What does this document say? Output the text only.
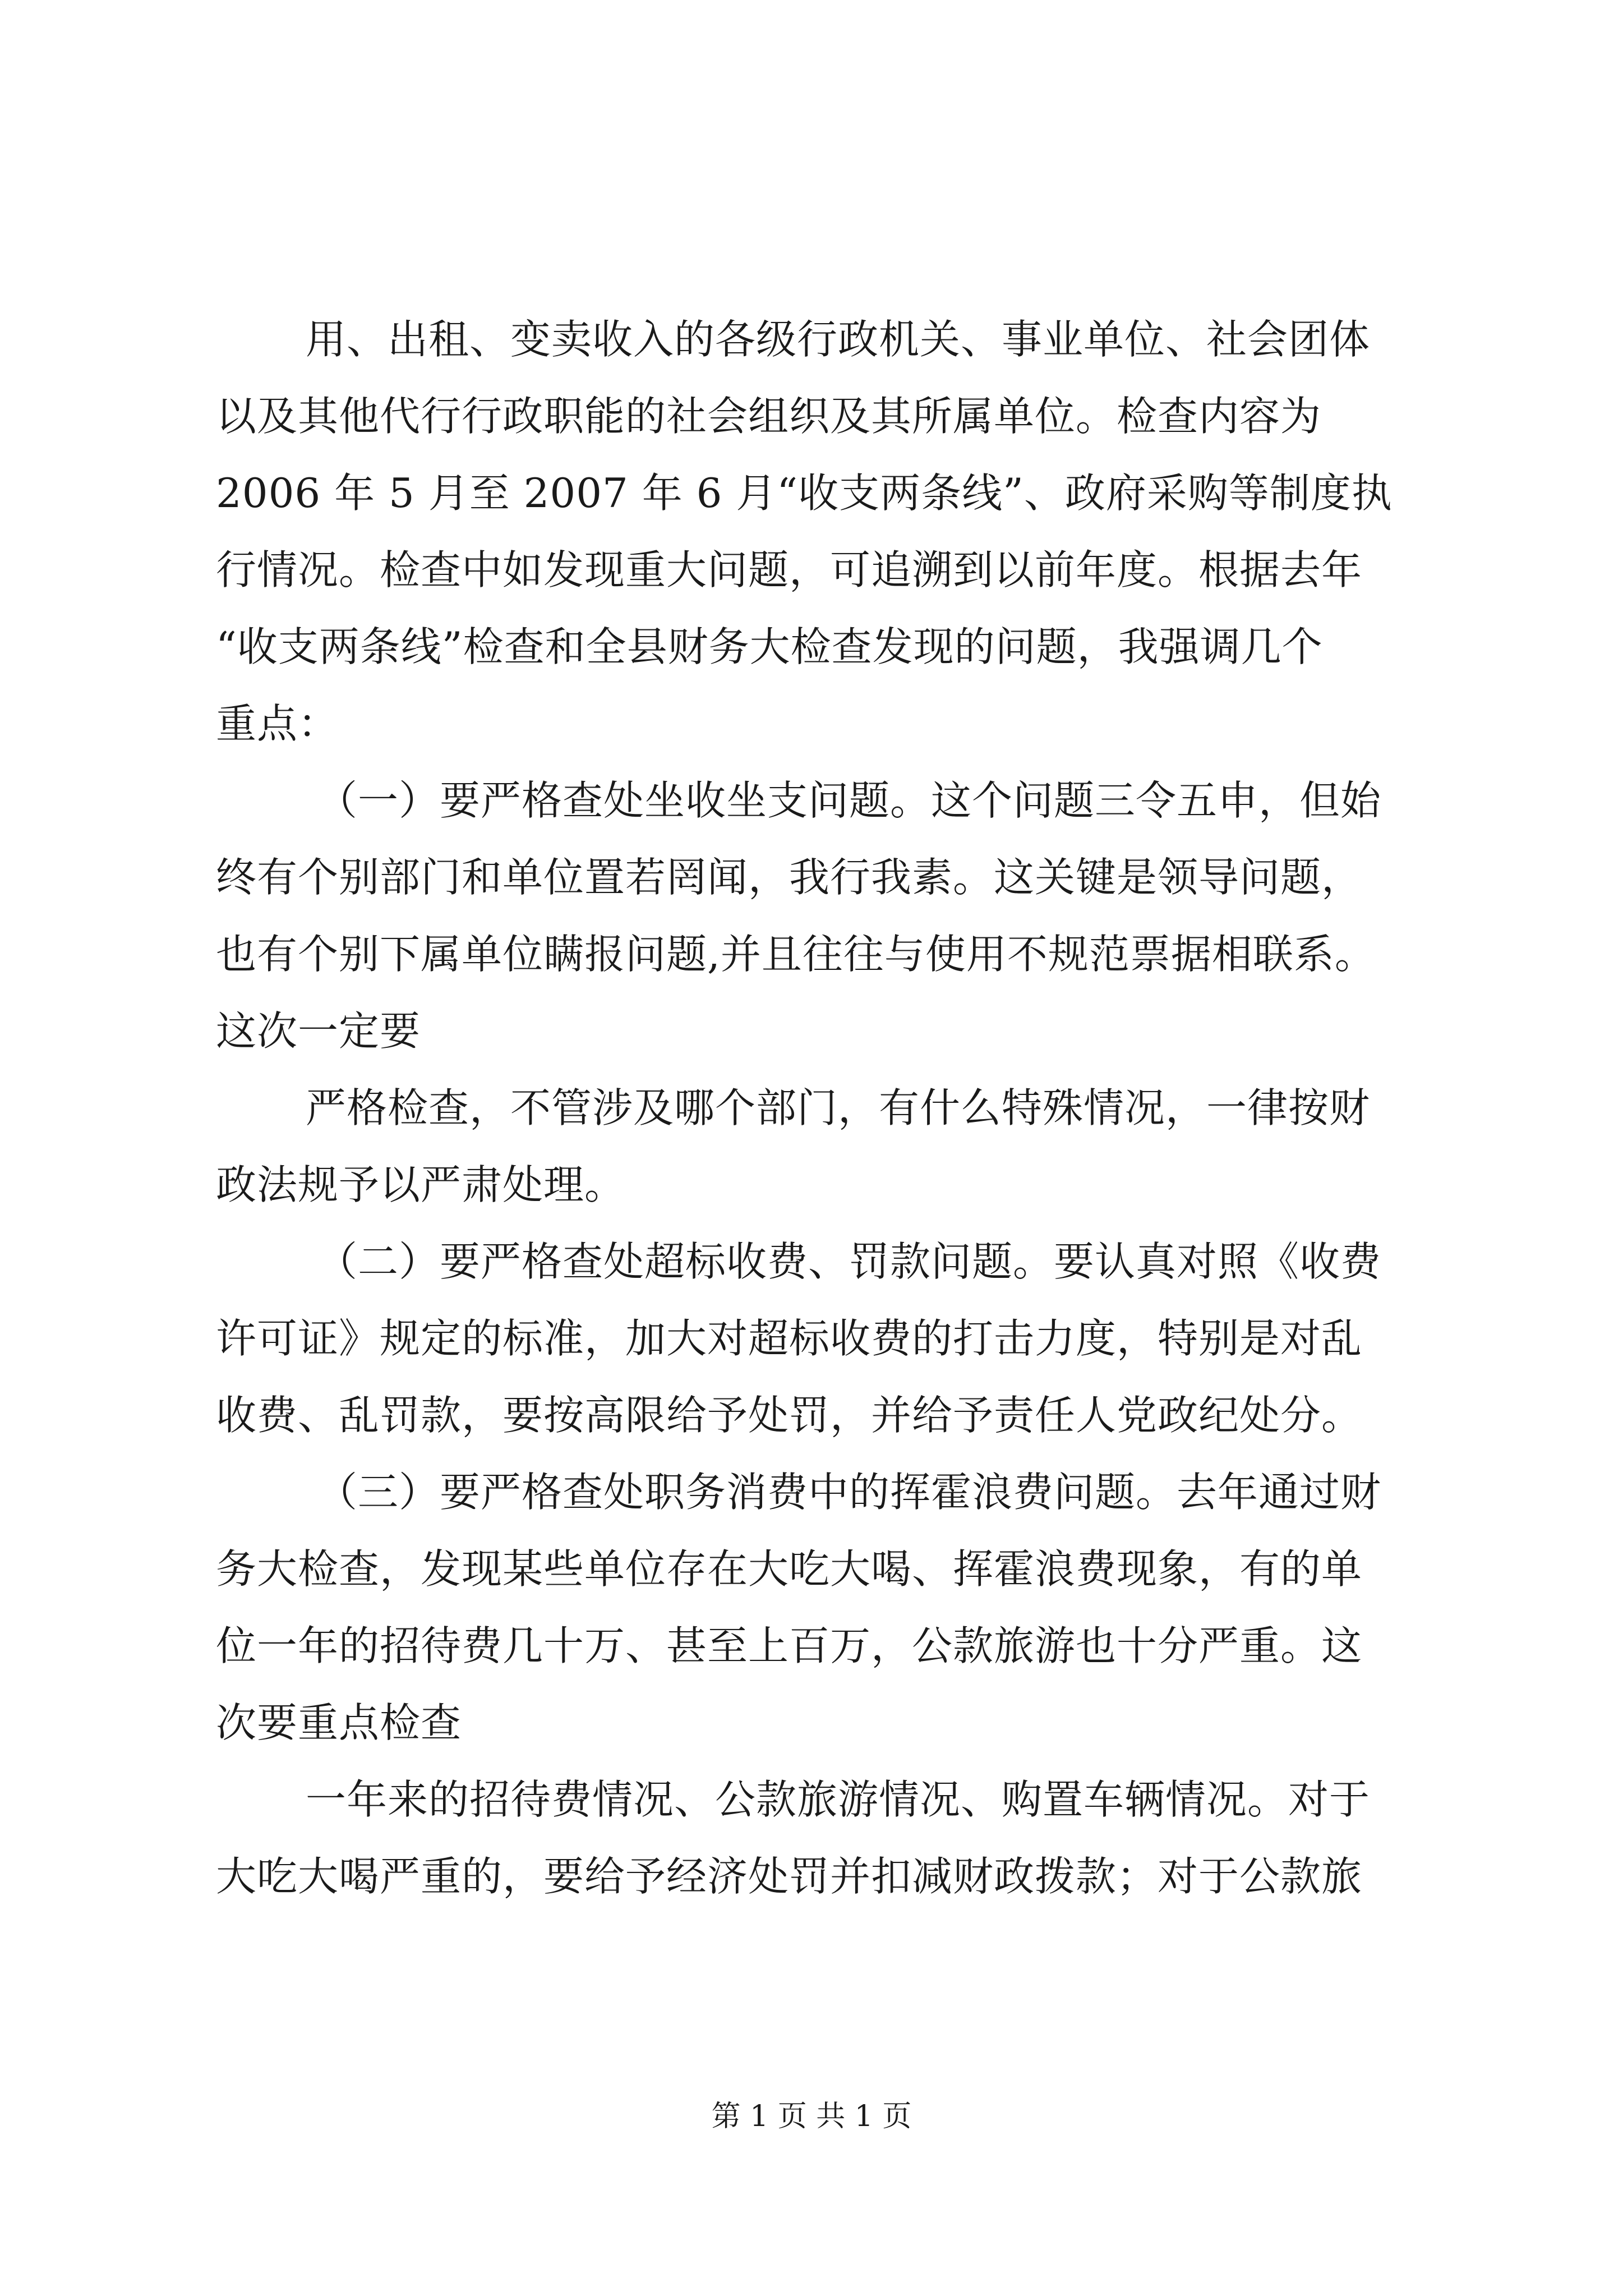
用、出租、变卖收入的各级行政机关、事业单位、社会团体
以及其他代行行政职能的社会组织及其所属单位。检查内容为
2006 年 5 月至 2007 年 6 月“收支两条线”、政府采购等制度执
行情况。检查中如发现重大问题，可追溯到以前年度。根据去年
“收支两条线”检查和全县财务大检查发现的问题，我强调几个
重点：
（一）要严格查处坐收坐支问题。这个问题三令五申，但始
终有个别部门和单位置若罔闻，我行我素。这关键是领导问题，
也有个别下属单位瞒报问题,并且往往与使用不规范票据相联系。
这次一定要
严格检查，不管涉及哪个部门，有什么特殊情况，一律按财
政法规予以严肃处理。
（二）要严格查处超标收费、罚款问题。要认真对照《收费
许可证》规定的标准，加大对超标收费的打击力度，特别是对乱
收费、乱罚款，要按高限给予处罚，并给予责任人党政纪处分。
（三）要严格查处职务消费中的挥霍浪费问题。去年通过财
务大检查，发现某些单位存在大吃大喝、挥霍浪费现象，有的单
位一年的招待费几十万、甚至上百万，公款旅游也十分严重。这
次要重点检查
一年来的招待费情况、公款旅游情况、购置车辆情况。对于
大吃大喝严重的，要给予经济处罚并扣减财政拨款；对于公款旅
第 1 页 共 1 页
